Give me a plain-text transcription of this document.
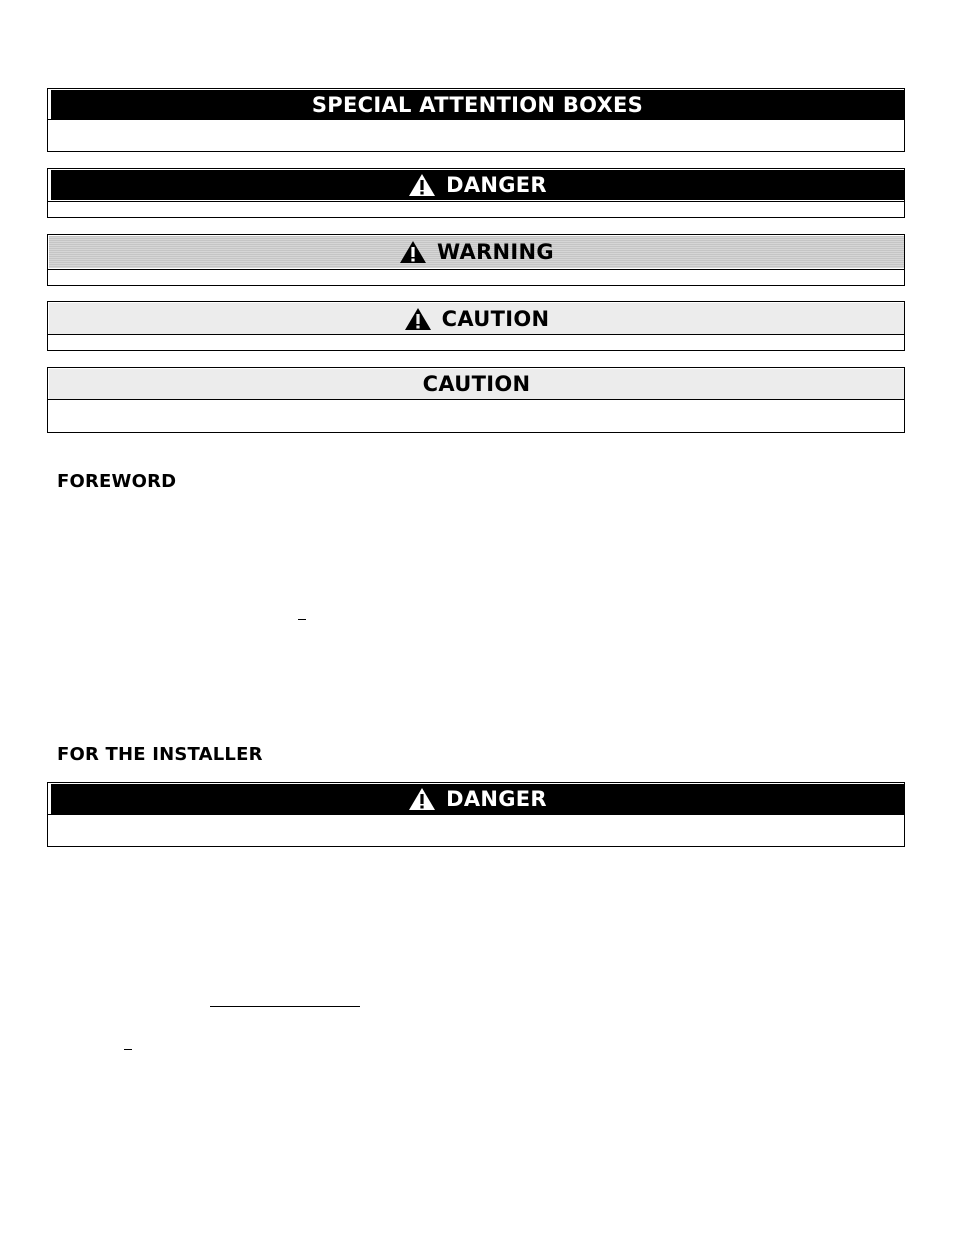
SPECIAL ATTENTION BOXES
DANGER
WARNING
CAUTION
CAUTION
FOREWORD
FOR THE INSTALLER
DANGER
